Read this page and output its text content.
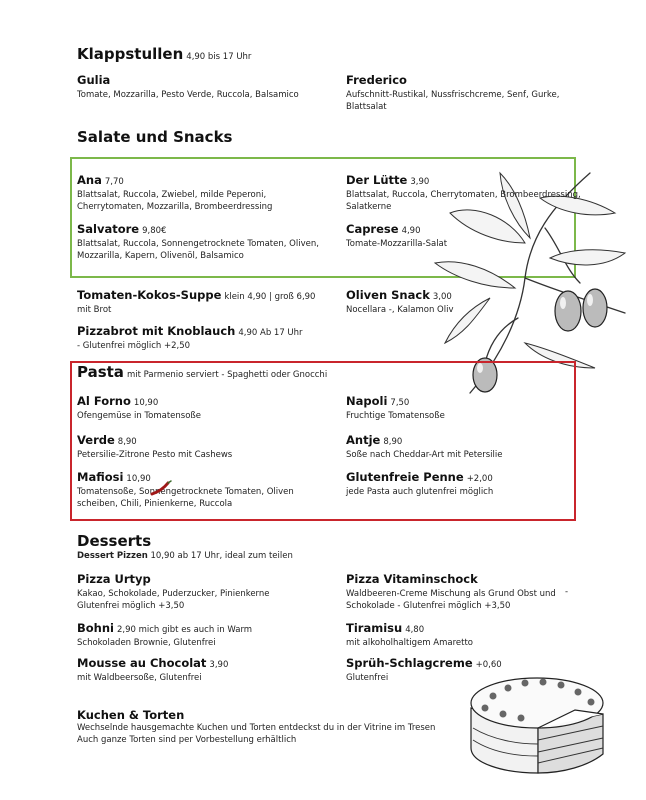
Klappstullen 4,90 bis 17 Uhr
Gulia
Tomate, Mozzarilla, Pesto Verde, Ruccola, Balsamico
Frederico
Aufschnitt-Rustikal, Nussfrischcreme, Senf, Gurke, Blattsalat
Salate und Snacks
Ana 7,70
Blattsalat, Ruccola, Zwiebel, milde Peperoni, Cherrytomaten, Mozzarilla, Brombeerdressing
Der Lütte 3,90
Blattsalat, Ruccola, Cherrytomaten, Brombeerdressing, Salatkerne
Salvatore 9,80€
Blattsalat, Ruccola, Sonnengetrocknete Tomaten, Oliven, Mozzarilla, Kapern, Olivenöl, Balsamico
Caprese 4,90
Tomate-Mozzarilla-Salat
Tomaten-Kokos-Suppe klein 4,90 | groß 6,90
mit Brot
Oliven Snack 3,00
Nocellara -, Kalamon Oliv
Pizzabrot mit Knoblauch 4,90 Ab 17 Uhr
- Glutenfrei möglich +2,50
Pasta mit Parmenio serviert - Spaghetti oder Gnocchi
Al Forno 10,90
Ofengemüse in Tomatensoße
Napoli 7,50
Fruchtige Tomatensoße
Verde 8,90
Petersilie-Zitrone Pesto mit Cashews
Antje 8,90
Soße nach Cheddar-Art mit Petersilie
Mafiosi 10,90
Tomatensoße, Sonnengetrocknete Tomaten, Oliven scheiben, Chili, Pinienkerne, Ruccola
Glutenfreie Penne +2,00
jede Pasta auch glutenfrei möglich
Desserts
Dessert Pizzen 10,90 ab 17 Uhr, ideal zum teilen
Pizza Urtyp
Kakao, Schokolade, Puderzucker, Pinienkerne Glutenfrei möglich +3,50
Pizza Vitaminschock
Waldbeeren-Creme Mischung als Grund Obst und Schokolade - Glutenfrei möglich +3,50
-
Bohni 2,90 mich gibt es auch in Warm
Schokoladen Brownie, Glutenfrei
Tiramisu 4,80
mit alkoholhaltigem Amaretto
Mousse au Chocolat 3,90
mit Waldbeersoße, Glutenfrei
Sprüh-Schlagcreme +0,60
Glutenfrei
Kuchen & Torten
Wechselnde hausgemachte Kuchen und Torten entdeckst du in der Vitrine im Tresen Auch ganze Torten sind per Vorbestellung erhältlich
